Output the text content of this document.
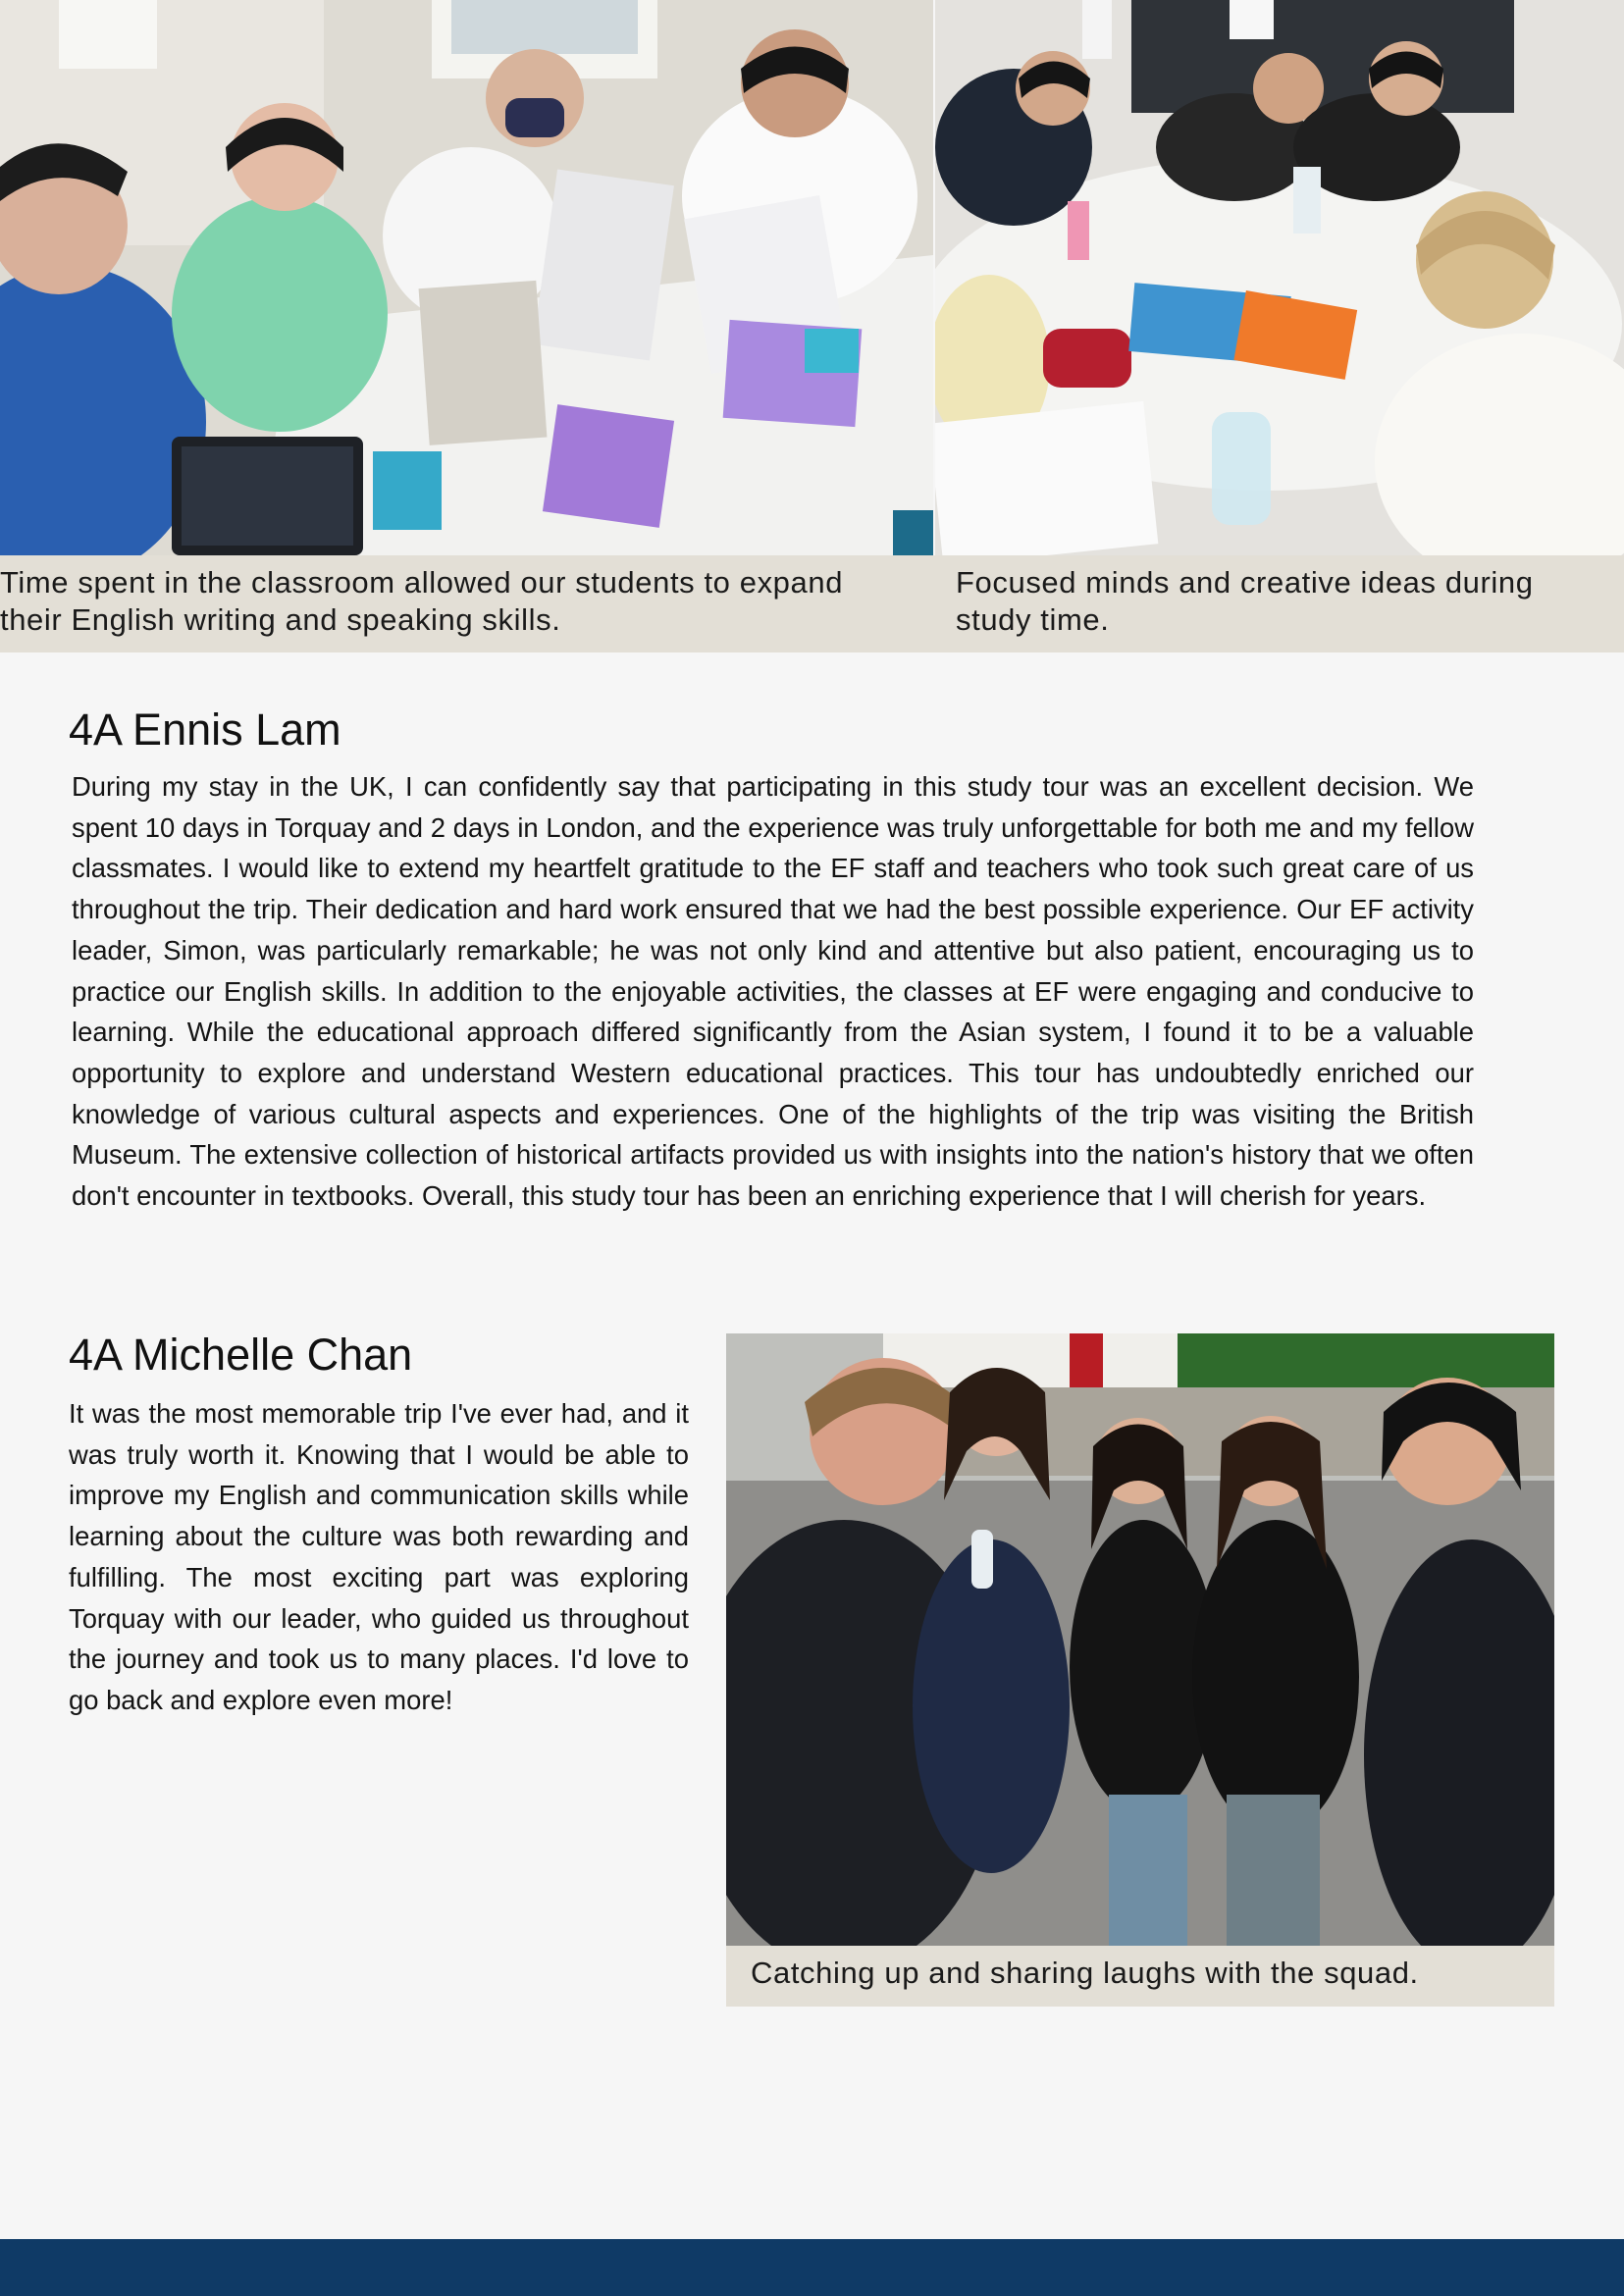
Time spent in the classroom allowed our students to expand their English writing and speaking skills.
Focused minds and creative ideas during study time.
4A Ennis Lam

During my stay in the UK, I can confidently say that participating in this study tour was an excellent decision. We spent 10 days in Torquay and 2 days in London, and the experience was truly unforgettable for both me and my fellow classmates. I would like to extend my heartfelt gratitude to the EF staff and teachers who took such great care of us throughout the trip. Their dedication and hard work ensured that we had the best possible experience. Our EF activity leader, Simon, was particularly remarkable; he was not only kind and attentive but also patient, encouraging us to practice our English skills. In addition to the enjoyable activities, the classes at EF were engaging and conducive to learning. While the educational approach differed significantly from the Asian system, I found it to be a valuable opportunity to explore and understand Western educational practices. This tour has undoubtedly enriched our knowledge of various cultural aspects and experiences. One of the highlights of the trip was visiting the British Museum. The extensive collection of historical artifacts provided us with insights into the nation's history that we often don't encounter in textbooks. Overall, this study tour has been an enriching experience that I will cherish for years.

4A Michelle Chan

It was the most memorable trip I've ever had, and it was truly worth it. Knowing that I would be able to improve my English and communication skills while learning about the culture was both rewarding and fulfilling. The most exciting part was exploring Torquay with our leader, who guided us throughout the journey and took us to many places. I'd love to go back and explore even more!

Catching up and sharing laughs with the squad.
